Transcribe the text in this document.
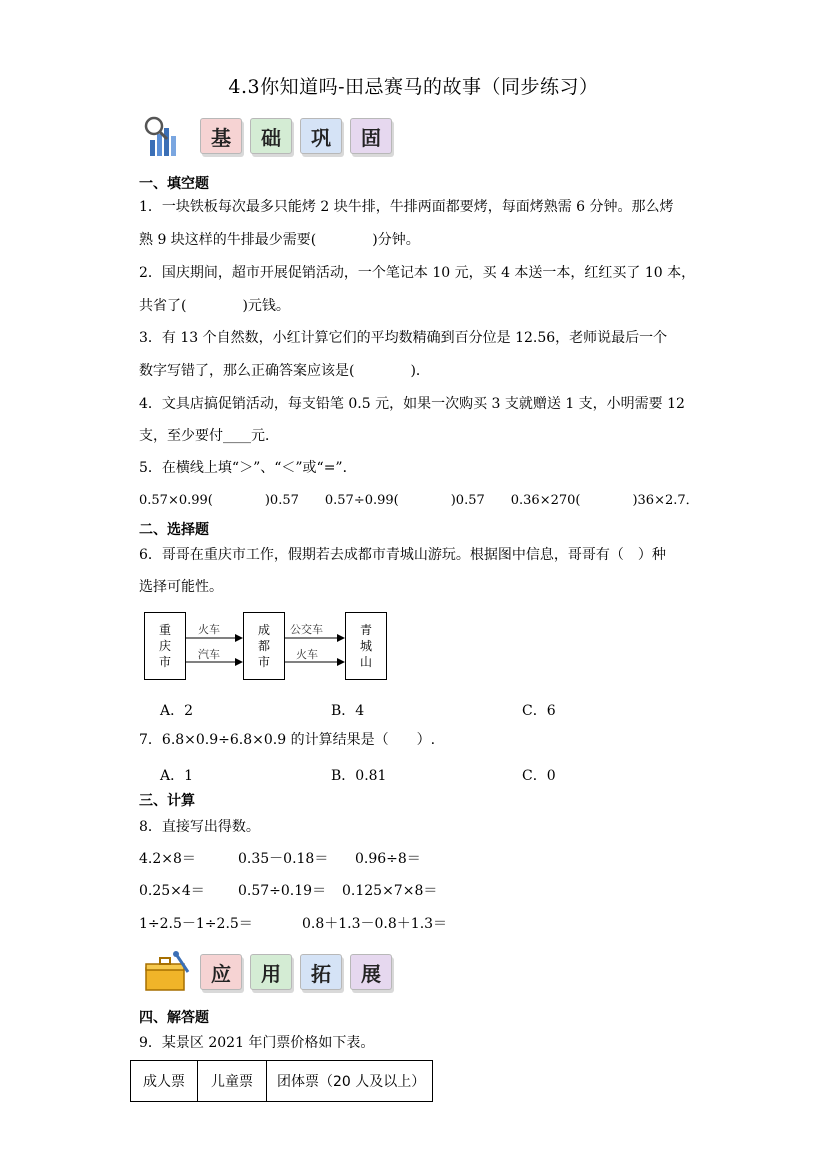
4.3你知道吗-田忌赛马的故事（同步练习）
基	础	巩	固
一、填空题
1．一块铁板每次最多只能烤 2 块牛排，牛排两面都要烤，每面烤熟需 6 分钟。那么烤
熟 9 块这样的牛排最少需要(　　　　)分钟。
2．国庆期间，超市开展促销活动，一个笔记本 10 元，买 4 本送一本，红红买了 10 本，
共省了(　　　　)元钱。
3．有 13 个自然数，小红计算它们的平均数精确到百分位是 12.56，老师说最后一个
数字写错了，那么正确答案应该是(　　　　)．
4．文具店搞促销活动，每支铅笔 0.5 元，如果一次购买 3 支就赠送 1 支，小明需要 12
支，至少要付____元．
5．在横线上填“＞”、“＜”或“=”．
0.57×0.99(　　　　)0.57　　0.57÷0.99(　　　　)0.57　　0.36×270(　　　　)36×2.7．
二、选择题
6．哥哥在重庆市工作，假期若去成都市青城山游玩。根据图中信息，哥哥有（　）种
选择可能性。
重
庆
市
成
都
市
青
城
山
火车
汽车
公交车
火车
A．2	B．4	C．6
7．6.8×0.9÷6.8×0.9 的计算结果是（　　）.
A．1	B．0.81	C．0
三、计算
8．直接写出得数。
4.2×8＝	0.35－0.18＝ 0.96÷8＝
0.25×4＝ 0.57÷0.19＝ 0.125×7×8＝
1÷2.5－1÷2.5＝	0.8＋1.3－0.8＋1.3＝
应	用	拓	展
四、解答题
9．某景区 2021 年门票价格如下表。
成人票	儿童票	团体票（20 人及以上）
